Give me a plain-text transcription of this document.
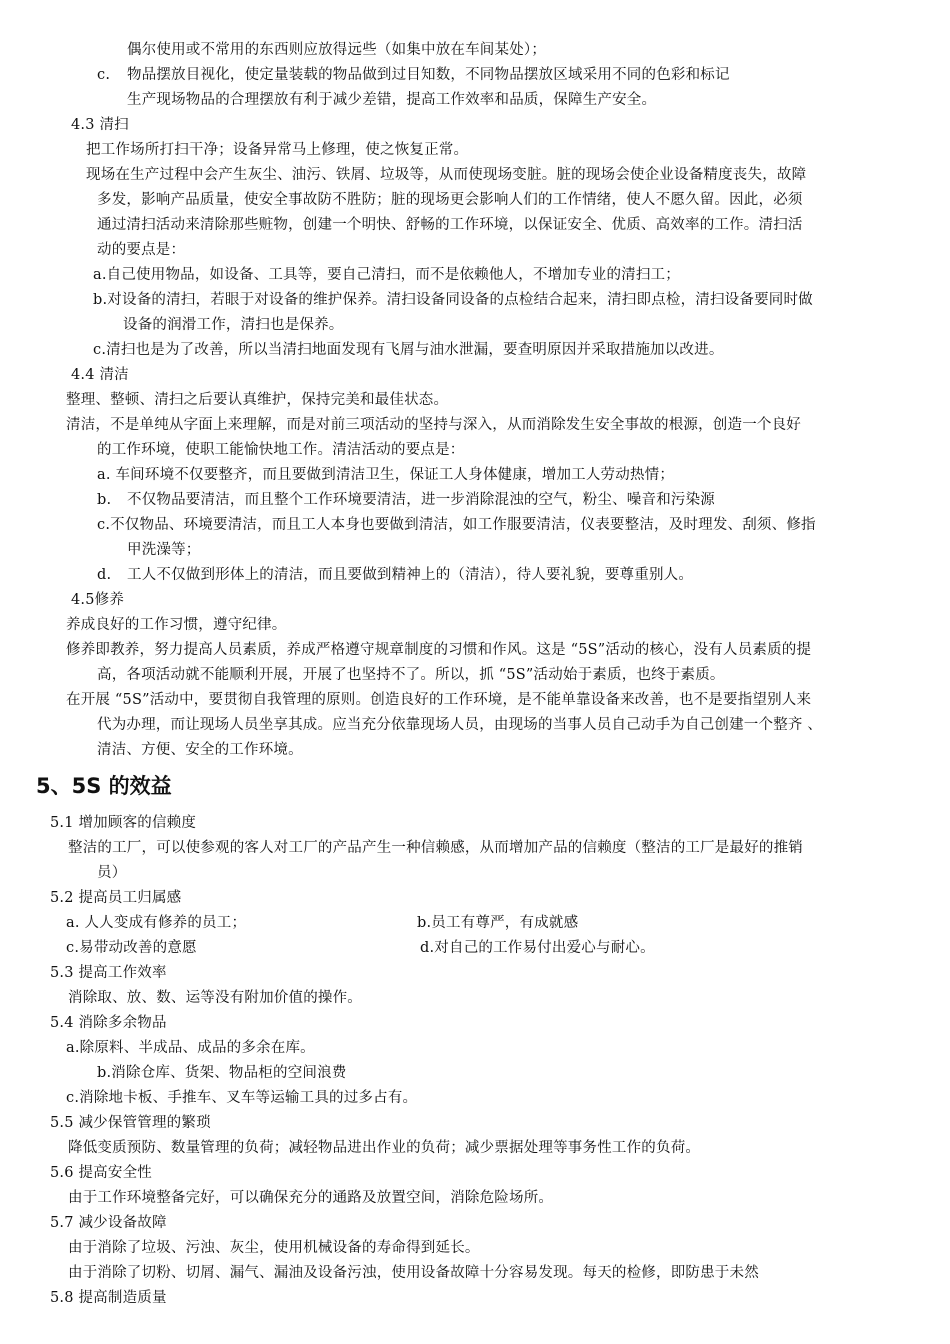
偶尔使用或不常用的东西则应放得远些（如集中放在车间某处）；
c. 物品摆放目视化，使定量装载的物品做到过目知数，不同物品摆放区域采用不同的色彩和标记
生产现场物品的合理摆放有利于减少差错，提高工作效率和品质，保障生产安全。
4.3 清扫
把工作场所打扫干净；设备异常马上修理，使之恢复正常。
现场在生产过程中会产生灰尘、油污、铁屑、垃圾等，从而使现场变脏。脏的现场会使企业设备精度丧失，故障
多发，影响产品质量，使安全事故防不胜防；脏的现场更会影响人们的工作情绪，使人不愿久留。因此，必须
通过清扫活动来清除那些赃物，创建一个明快、舒畅的工作环境，以保证安全、优质、高效率的工作。清扫活
动的要点是：
a.自己使用物品，如设备、工具等，要自己清扫，而不是依赖他人，不增加专业的清扫工；
b.对设备的清扫，若眼于对设备的维护保养。清扫设备同设备的点检结合起来，清扫即点检，清扫设备要同时做
设备的润滑工作，清扫也是保养。
c.清扫也是为了改善，所以当清扫地面发现有飞屑与油水泄漏，要查明原因并采取措施加以改进。
4.4 清洁
整理、整顿、清扫之后要认真维护，保持完美和最佳状态。
清洁，不是单纯从字面上来理解，而是对前三项活动的坚持与深入，从而消除发生安全事故的根源，创造一个良好
的工作环境，使职工能愉快地工作。清洁活动的要点是：
a. 车间环境不仅要整齐，而且要做到清洁卫生，保证工人身体健康，增加工人劳动热情；
b. 不仅物品要清洁，而且整个工作环境要清洁，进一步消除混浊的空气，粉尘、噪音和污染源
c.不仅物品、环境要清洁，而且工人本身也要做到清洁，如工作服要清洁，仪表要整洁，及时理发、刮须、修指
甲洗澡等；
d. 工人不仅做到形体上的清洁，而且要做到精神上的（清洁），待人要礼貌，要尊重别人。
4.5修养
养成良好的工作习惯，遵守纪律。
修养即教养，努力提高人员素质，养成严格遵守规章制度的习惯和作风。这是 “5S”活动的核心，没有人员素质的提
高，各项活动就不能顺利开展，开展了也坚持不了。所以，抓 “5S”活动始于素质，也终于素质。
在开展 “5S”活动中，要贯彻自我管理的原则。创造良好的工作环境，是不能单靠设备来改善，也不是要指望别人来
代为办理，而让现场人员坐享其成。应当充分依靠现场人员，由现场的当事人员自己动手为自己创建一个整齐 、
清洁、方便、安全的工作环境。
5、5S 的效益
5.1 增加顾客的信赖度
整洁的工厂，可以使参观的客人对工厂的产品产生一种信赖感，从而增加产品的信赖度（整洁的工厂是最好的推销
员）
5.2 提高员工归属感
a. 人人变成有修养的员工；	b.员工有尊严，有成就感
c.易带动改善的意愿	d.对自己的工作易付出爱心与耐心。
5.3 提高工作效率
消除取、放、数、运等没有附加价值的操作。
5.4 消除多余物品
a.除原料、半成品、成品的多余在库。
b.消除仓库、货架、物品柜的空间浪费
c.消除地卡板、手推车、叉车等运输工具的过多占有。
5.5 减少保管管理的繁琐
降低变质预防、数量管理的负荷；减轻物品进出作业的负荷；减少票据处理等事务性工作的负荷。
5.6 提高安全性
由于工作环境整备完好，可以确保充分的通路及放置空间，消除危险场所。
5.7 减少设备故障
由于消除了垃圾、污浊、灰尘，使用机械设备的寿命得到延长。
由于消除了切粉、切屑、漏气、漏油及设备污浊，使用设备故障十分容易发现。每天的检修，即防患于未然
5.8 提高制造质量
